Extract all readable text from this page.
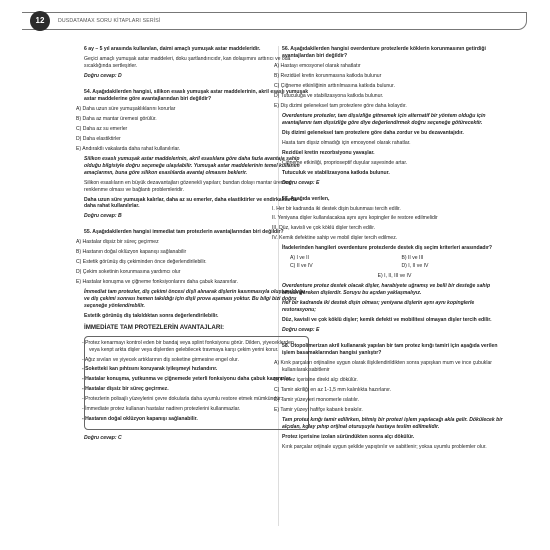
12	DUSDATAMAX SORU KİTAPLARI SERİSİ

6 ay – 5 yıl arasında kullanılan, daimi amaçlı yumuşak astar maddeleridir.

Geçici amaçlı yumuşak astar maddeleri, doku şartlandırıcıdır, kan dolaşımını arttırıcı ve oda sıcaklığında sertleşirler.

Doğru cevap: D

54. Aşağıdakilerden hangisi, silikon esaslı yumuşak astar maddelerinin, akril esaslı yumuşak astar maddelerine göre avantajlarından biri değildir?

A) Daha uzun süre yumuşaklıklarını korurlar

B) Daha az mantar üremesi görülür.

C) Daha az su emerler

D) Daha elastiktirler

E) Andıraktlı vakalarda daha rahat kullanılırlar.

Silikon esaslı yumuşak astar maddelerinin, akril esaslılara göre daha fazla avantaja sahip olduğu bilgisiyle doğru seçeneğe ulaşılabilir. Yumuşak astar maddelerinin temel kullanım amaçlarının, buna göre silikon esaslılarda avantaj olmasını beklerir.

Silikon esaslıların en büyük dezavantajları gözenekli yapıları; bundan dolayı mantar üremesi, renklenme olması ve bağlantı problemleridir.

Daha uzun süre yumuşak kalırlar, daha az su emerler, daha elastiktirler ve endirkaltlarda daha rahat kullanılırlar.

Doğru cevap: B

55. Aşağıdakilerden hangisi immediat tam protezlerin avantajlarından biri değildir?

A) Hastalar dişsiz bir süreç geçirmez

B) Hastanın doğal oklüzyon kapanışı sağlanabilir

C) Estetik görünüş diş çekiminden önce değerlendirilebilir.

D) Çekim soketinin korunmasına yardımcı olur

E) Hastalar konuşma ve çiğneme fonksiyonlarını daha çabuk kazanırlar.

İmmediat tam protezler, diş çekimi öncesi dişli alınarak dişlerin kasınmasıyla oluşturulduğu ve diş çekimi sonrası hemen takıldığı için dişli prova aşaması yoktur. Bu bilgi bizi doğru seçeneğe yönlendirebilir.

Estetik görünüş diş takıldıktan sonra değerlendirilebilir.

İMMEDİATE TAM PROTEZLERİN AVANTAJLARI:

- Protez kenarmayı kontrol eden bir bandaj veya splint fonksiyonu görür. Dilden, yiyeceklerden veya kenpt arkta dişler veya dişlerden gelebilecek travmaya karşı çekim yerini korur.

- Ağız sıvıları ve yiyecek artıklarının diş soketine girmesine engel olur.

- Soketteki kan pıhtısını koruyarak iyileşmeyi hızlandırır.

- Hastalar konuşma, yutkunma ve çiğnemede yeterli fonksiyonu daha çabuk kazanırlar.

- Hastalar dişsiz bir süreç geçirmez.

- Protezlerin polisajlı yüzeylerini çevre dokularla daha uyumlu restore etmek mümkündür.

- İmmediate protez kullanan hastalar nadiren protezlerini kullanmazlar.

- Hastanın doğal oklüzyon kapanışı sağlanabilir.

Doğru cevap: C

56. Aşağıdakilerden hangisi overdenture protezlerde köklerin korunmasının getirdiği avantajlardan biri değildir?

A) Hastayı emosyonel olarak rahatlatır

B) Rezidüel kretin korunmasına katkıda bulunur

C) Çiğneme etkinliğinin arttırılmasına katkıda bulunur.

D) Tutuculuğa ve stabilizasyona katkıda bulunur.

E) Diş dizimi geleneksel tam protezlere göre daha kolaydır.

Overdenture protezler, tam dişsizliğe gitmemek için alternatif bir yöntem olduğu için avantajlarını tam dişsizliğe göre diye değerlendirmek doğru seçeneğe götürecektir.

Diş dizimi geleneksel tam protezlere göre daha zordur ve bu dezavantajıdır.

Hasta tam dişsiz olmadığı için emosyonel olarak rahatlar.

Rezidüel kretin rezorbsiyonu yavaşlar.

Çiğneme etkinliği, proprioseptif duyular sayesinde artar.

Tutuculuk ve stabilizasyona katkıda bulunur.

Doğru cevap: E

57. Aşağıda verilen,

I. Her bir kadranda iki destek dişin bulunması tercih edilir.

II. Yeniyana dişler kullanılacaksa aynı aynı kopingler ile restore edilmelidir

III. Düz, kavisli ve çok köklü dişler tercih edilir.

IV. Kemik defektine sahip ve mobil dişler tercih edilmez.

İfadelerinden hangileri overdenture protezlerde destek diş seçim kriterleri arasındadır?

A) I ve II	B) II ve III
C) II ve IV	D) I, II ve IV

E) I, II, III ve IV

Overdenture protez destek olacak dişler, harabiyete uğramış ve belli bir desteğe sahip olması gereken dişlerdir. Soruyu bu açıdan yaklaşmalıyız.

Her bir kadranda iki destek dişin olması; yeniyana dişlerin aynı aynı kopinglerle restorasyonu;

Düz, kavisli ve çok köklü dişler; kemik defekti ve mobilitesi olmayan dişler tercih edilir.

Doğru cevap: E

58. Otopolimerizan akril kullanarak yapılan bir tam protez kırığı tamiri için aşağıda verilen işlem basamaklarından hangisi yanlıştır?

A) Kırık parçaları orijinaline uygun olarak ilişkilendirildikten sonra yapışkan mum ve ince çubuklar kullanılarak sabitlenir

B) Protez içerisine direkt alçı dökülür.

C) Tamir akriliği en az 1-1,5 mm kalınlıkta hazırlanır.

D) Tamir yüzeyleri monomerle ıslatılır.

E) Tamir yüzeyi hafifçe kabarık bırakılır.

Tam protez kırığı tamir edilirken, bitmiş bir protezi işlem yapılacağı akla gelir. Dökülecek bir alçıdan, kolay pıhıp orijinal oturuşuyla hastaya teslim edilmelidir.

Protez içerisine izolan süründükten sonra alçı dökülür.

Kırık parçalar orijinale uygun şekilde yapıştırılır ve sabitlenir; yoksa uyumlu problemler olur.
